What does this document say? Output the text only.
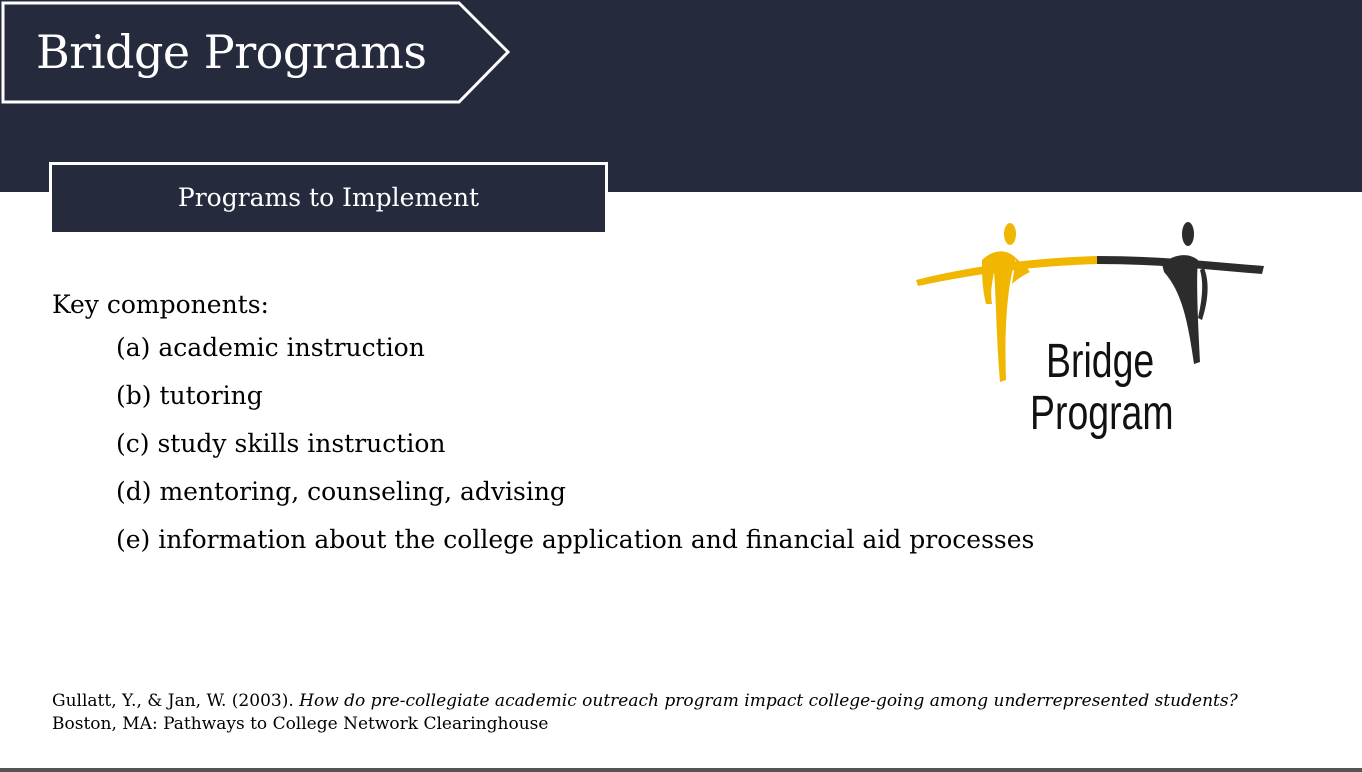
Bridge Programs
Programs to Implement
Key components:
(a) academic instruction
(b) tutoring
(c) study skills instruction
(d) mentoring, counseling, advising
(e) information about the college application and financial aid processes
Bridge
Program
Gullatt, Y., & Jan, W. (2003). How do pre-collegiate academic outreach program impact college-going among underrepresented students?
Boston, MA: Pathways to College Network Clearinghouse
